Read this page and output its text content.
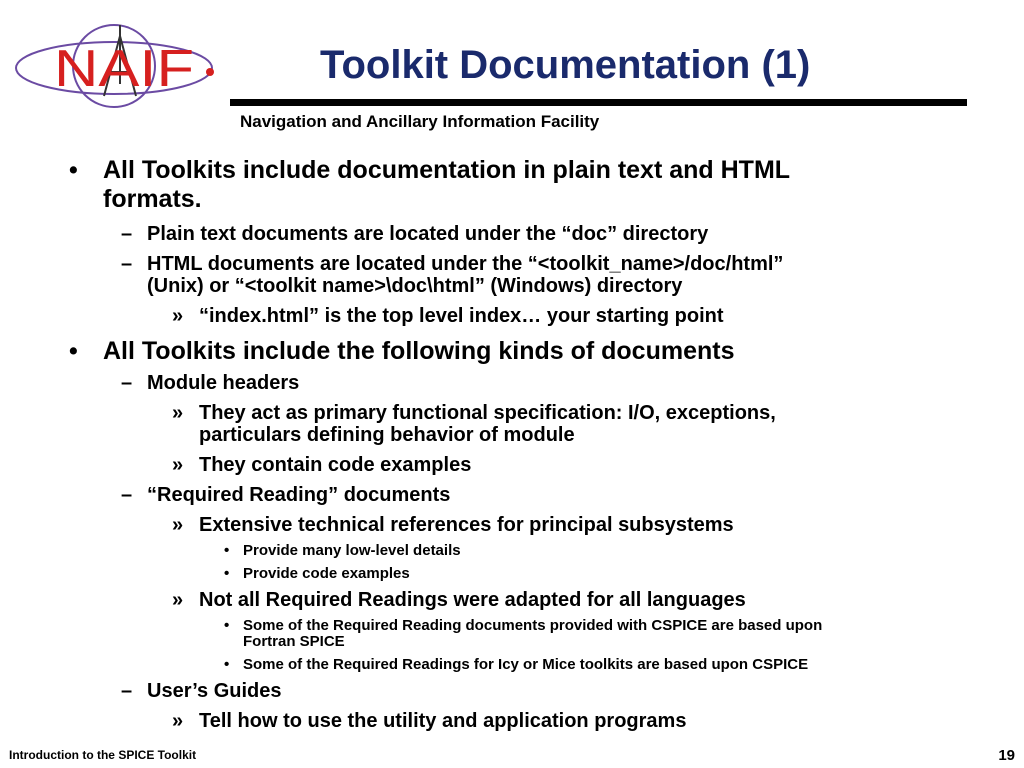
NAIF	Toolkit Documentation (1)
Navigation and Ancillary Information Facility
• All Toolkits include documentation in plain text and HTML
formats.
– Plain text documents are located under the “doc” directory
– HTML documents are located under the “<toolkit_name>/doc/html”
(Unix) or “<toolkit name>\doc\html” (Windows) directory
» “index.html” is the top level index… your starting point
• All Toolkits include the following kinds of documents
– Module headers
» They act as primary functional specification: I/O, exceptions,
particulars defining behavior of module
» They contain code examples
– “Required Reading” documents
» Extensive technical references for principal subsystems
• Provide many low-level details
• Provide code examples
» Not all Required Readings were adapted for all languages
• Some of the Required Reading documents provided with CSPICE are based upon
Fortran SPICE
• Some of the Required Readings for Icy or Mice toolkits are based upon CSPICE
– User’s Guides
» Tell how to use the utility and application programs
Introduction to the SPICE Toolkit	19
